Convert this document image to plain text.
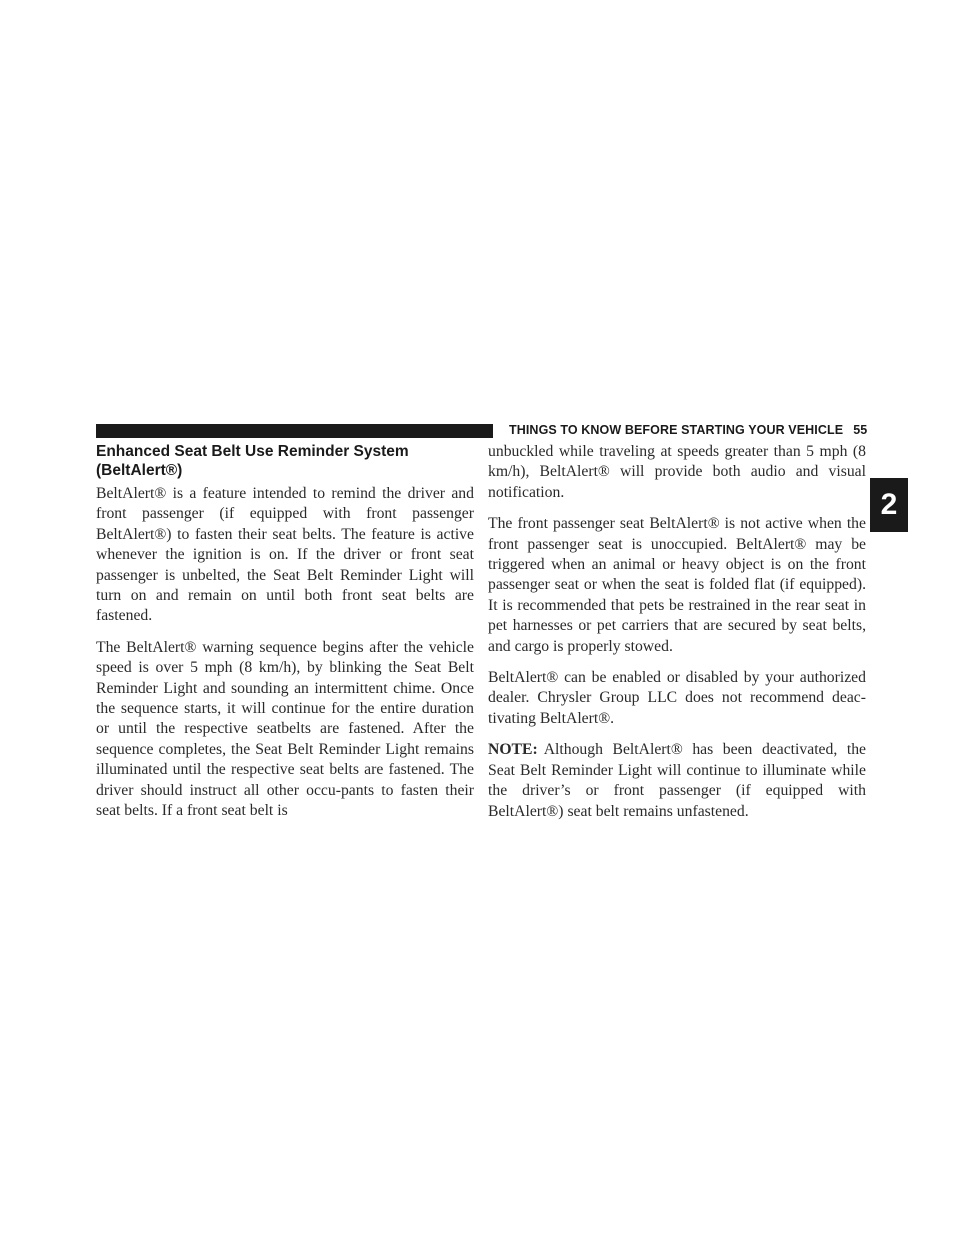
THINGS TO KNOW BEFORE STARTING YOUR VEHICLE 55
2
Enhanced Seat Belt Use Reminder System
(BeltAlert®)

BeltAlert® is a feature intended to remind the driver and front passenger (if equipped with front passenger BeltAlert®) to fasten their seat belts. The feature is active whenever the ignition is on. If the driver or front seat passenger is unbelted, the Seat Belt Reminder Light will turn on and remain on until both front seat belts are fastened.

The BeltAlert® warning sequence begins after the vehicle speed is over 5 mph (8 km/h), by blinking the Seat Belt Reminder Light and sounding an intermittent chime. Once the sequence starts, it will continue for the entire duration or until the respective seatbelts are fastened. After the sequence completes, the Seat Belt Reminder Light remains illuminated until the respective seat belts are fastened. The driver should instruct all other occu-pants to fasten their seat belts. If a front seat belt is

unbuckled while traveling at speeds greater than 5 mph (8 km/h), BeltAlert® will provide both audio and visual notification.

The front passenger seat BeltAlert® is not active when the front passenger seat is unoccupied. BeltAlert® may be triggered when an animal or heavy object is on the front passenger seat or when the seat is folded flat (if equipped). It is recommended that pets be restrained in the rear seat in pet harnesses or pet carriers that are secured by seat belts, and cargo is properly stowed.

BeltAlert® can be enabled or disabled by your authorized dealer. Chrysler Group LLC does not recommend deac-tivating BeltAlert®.

NOTE: Although BeltAlert® has been deactivated, the Seat Belt Reminder Light will continue to illuminate while the driver’s or front passenger (if equipped with BeltAlert®) seat belt remains unfastened.
